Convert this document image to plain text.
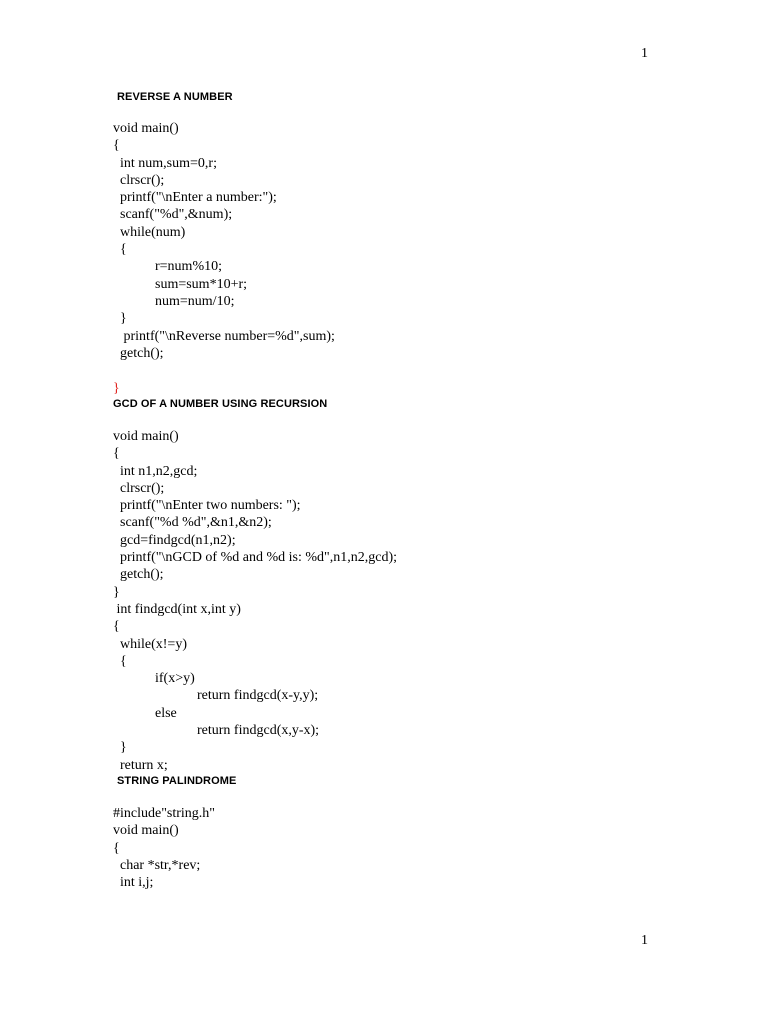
1
REVERSE A NUMBER
void main()
{
int num,sum=0,r;
clrscr();
printf("\nEnter a number:");
scanf("%d",&num);
while(num)
{
r=num%10;
sum=sum*10+r;
num=num/10;
}
printf("\nReverse number=%d",sum);
getch();
}
GCD OF A NUMBER USING RECURSION
void main()
{
int n1,n2,gcd;
clrscr();
printf("\nEnter two numbers: ");
scanf("%d %d",&n1,&n2);
gcd=findgcd(n1,n2);
printf("\nGCD of %d and %d is: %d",n1,n2,gcd);
getch();
}
int findgcd(int x,int y)
{
while(x!=y)
{
if(x>y)
return findgcd(x-y,y);
else
return findgcd(x,y-x);
}
return x;
STRING PALINDROME
#include"string.h"
void main()
{
char *str,*rev;
int i,j;
1
